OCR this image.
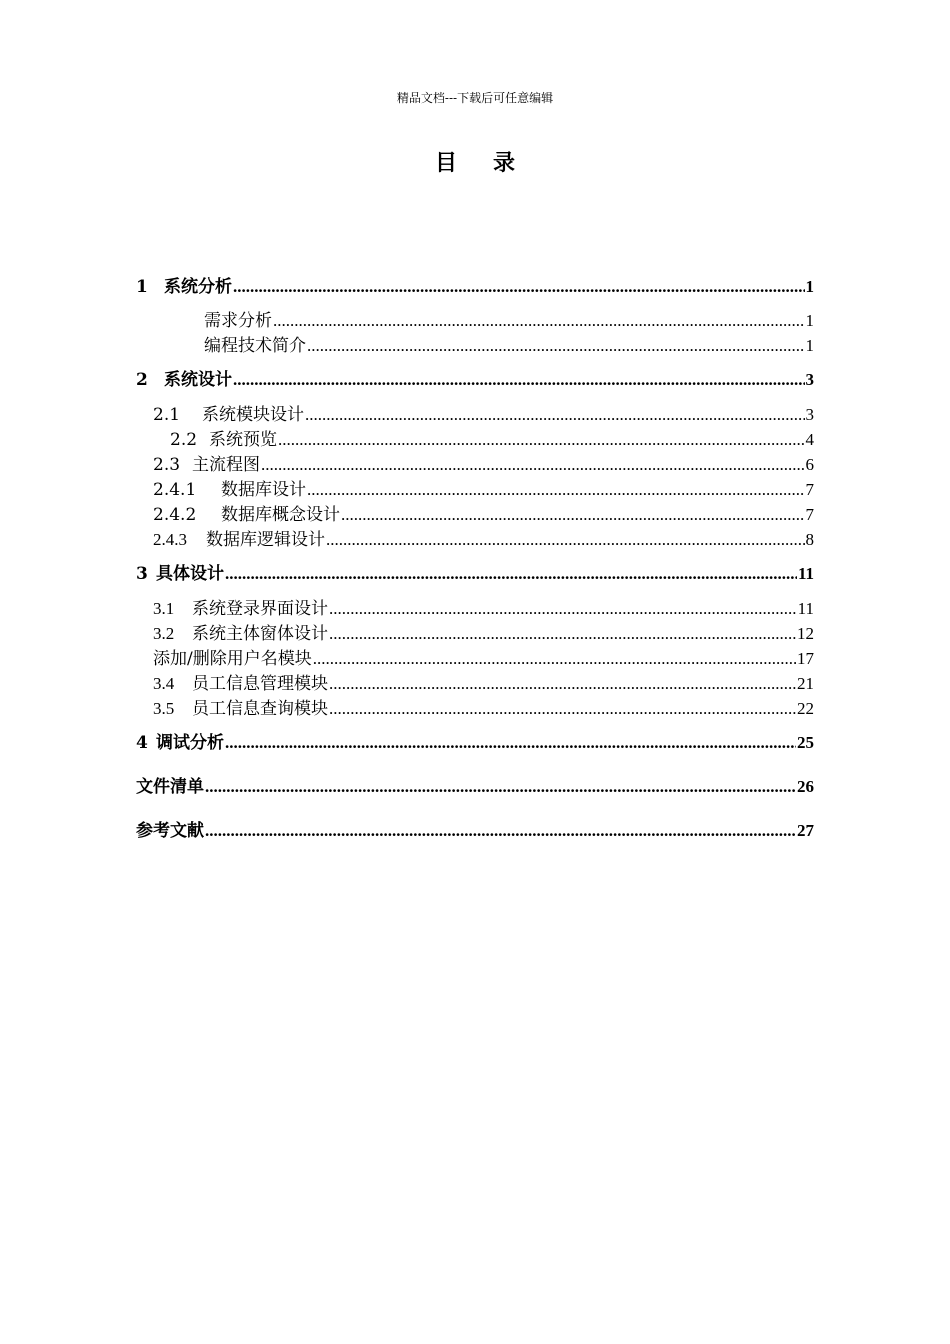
精品文档---下载后可任意编辑
目录
1 系统分析 .....	1
需求分析 .....	1
编程技术简介 .....	1
2 系统设计 .....	3
2.1	系统模块设计 .....	3
2.2 系统预览 .....	4
2.3 主流程图 .....	6
2.4.1	数据库设计 .....	7
2.4.2	数据库概念设计 .....	7
2.4.3	数据库逻辑设计 .....	8
3 具体设计 .....	11
3.1	系统登录界面设计 .....	11
3.2	系统主体窗体设计 .....	12
添加/删除用户名模块 .....	17
3.4	员工信息管理模块 .....	21
3.5	员工信息查询模块 .....	22
4 调试分析 .....	25
文件清单 .....	26
参考文献 .....	27
